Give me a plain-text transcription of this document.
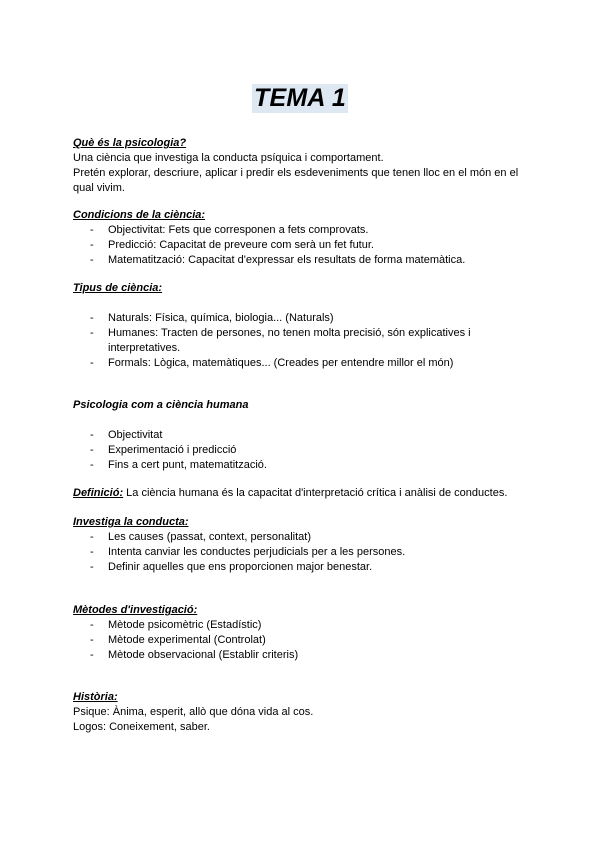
TEMA 1

Què és la psicologia?

Una ciència que investiga la conducta psíquica i comportament.

Pretén explorar, descriure, aplicar i predir els esdeveniments que tenen lloc en el món en el qual vivim.

Condicions de la ciència:

- Objectivitat: Fets que corresponen a fets comprovats.
- Predicció: Capacitat de preveure com serà un fet futur.
- Matematització: Capacitat d'expressar els resultats de forma matemàtica.

Tipus de ciència:

- Naturals: Física, química, biologia... (Naturals)
- Humanes: Tracten de persones, no tenen molta precisió, són explicatives i interpretatives.
- Formals: Lògica, matemàtiques... (Creades per entendre millor el món)

Psicologia com a ciència humana

- Objectivitat
- Experimentació i predicció
- Fins a cert punt, matematització.

Definició: La ciència humana és la capacitat d'interpretació crítica i anàlisi de conductes.

Investiga la conducta:

- Les causes (passat, context, personalitat)
- Intenta canviar les conductes perjudicials per a les persones.
- Definir aquelles que ens proporcionen major benestar.

Mètodes d'investigació:

- Mètode psicomètric (Estadístic)
- Mètode experimental (Controlat)
- Mètode observacional (Establir criteris)

Història:

Psique: Ànima, esperit, allò que dóna vida al cos.

Logos: Coneixement, saber.
